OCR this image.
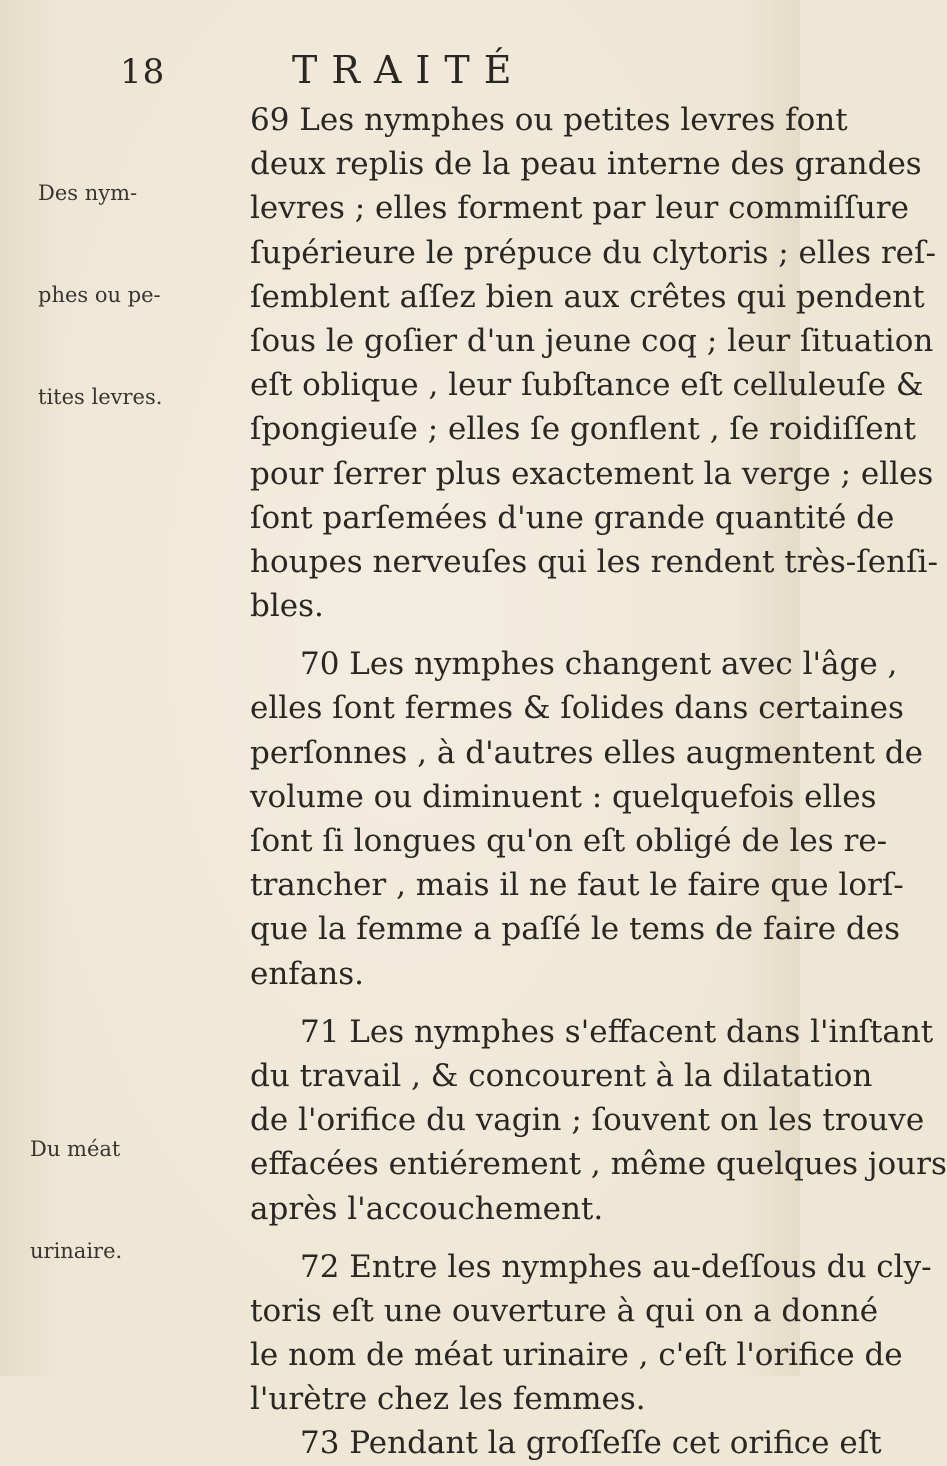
18	TRAITÉ

Des nym-

phes ou pe-

tites levres.

Du méat

urinaire.

69 Les nymphes ou petites levres font
deux replis de la peau interne des grandes
levres ; elles forment par leur commiſſure
ſupérieure le prépuce du clytoris ; elles reſ-
ſemblent aſſez bien aux crêtes qui pendent
ſous le goſier d'un jeune coq ; leur ſituation
eſt oblique , leur ſubſtance eſt celluleuſe &
ſpongieuſe ; elles ſe gonflent , ſe roidiſſent
pour ſerrer plus exactement la verge ; elles
ſont parſemées d'une grande quantité de
houpes nerveuſes qui les rendent très-ſenſi-
bles.
70 Les nymphes changent avec l'âge ,
elles ſont fermes & ſolides dans certaines
perſonnes , à d'autres elles augmentent de
volume ou diminuent : quelquefois elles
ſont ſi longues qu'on eſt obligé de les re-
trancher , mais il ne faut le faire que lorſ-
que la femme a paſſé le tems de faire des
enfans.
71 Les nymphes s'effacent dans l'inſtant
du travail , & concourent à la dilatation
de l'orifice du vagin ; ſouvent on les trouve
effacées entiérement , même quelques jours
après l'accouchement.
72 Entre les nymphes au-deſſous du cly-
toris eſt une ouverture à qui on a donné
le nom de méat urinaire , c'eſt l'orifice de
l'urètre chez les femmes.
73 Pendant la groſſeſſe cet orifice eſt
